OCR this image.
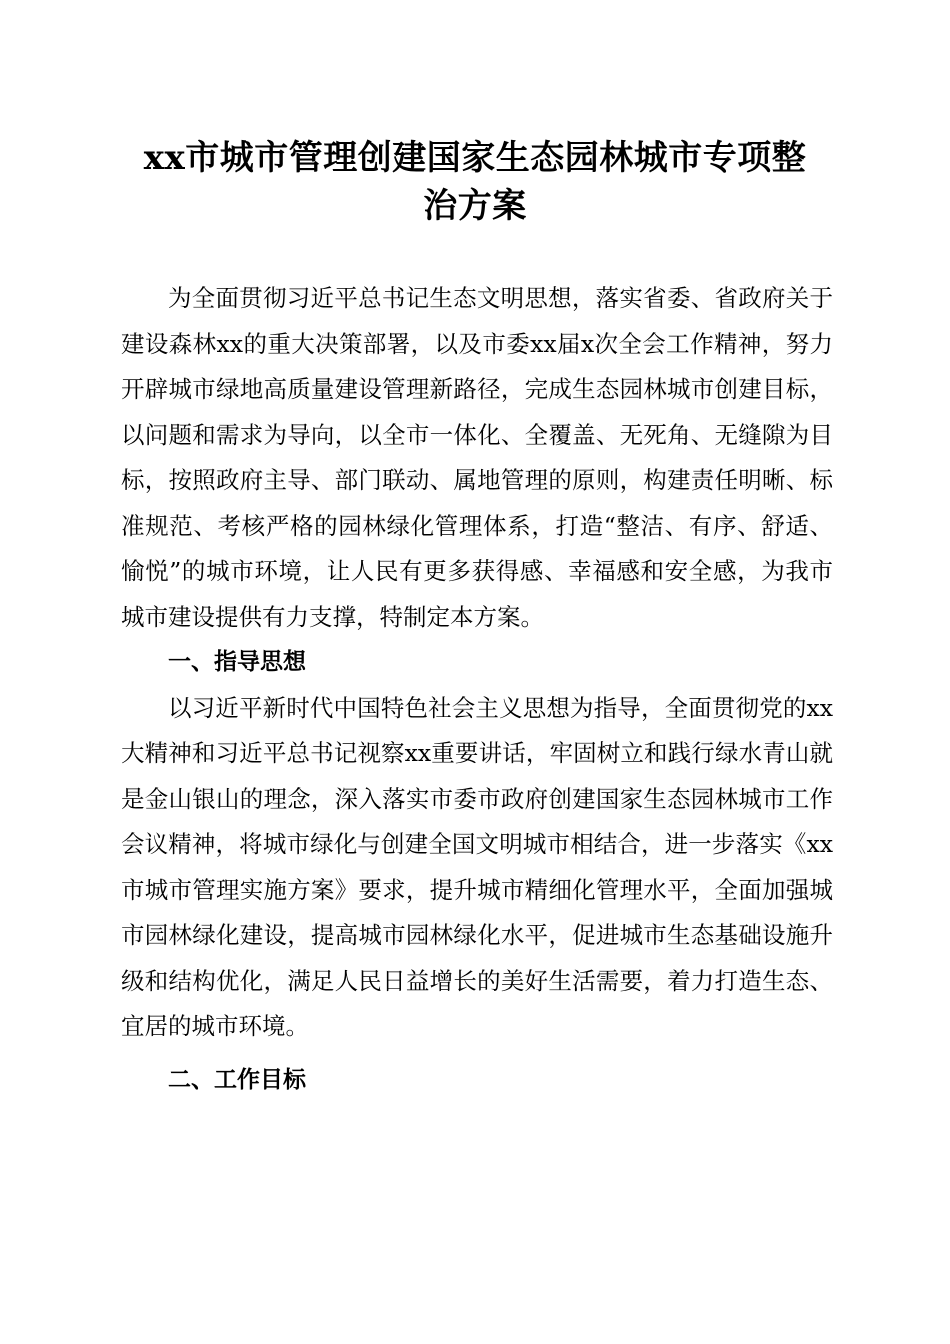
xx市城市管理创建国家生态园林城市专项整
治方案

为全面贯彻习近平总书记生态文明思想，落实省委、省政府关于建设森林xx的重大决策部署，以及市委xx届x次全会工作精神，努力开辟城市绿地高质量建设管理新路径，完成生态园林城市创建目标，以问题和需求为导向，以全市一体化、全覆盖、无死角、无缝隙为目标，按照政府主导、部门联动、属地管理的原则，构建责任明晰、标准规范、考核严格的园林绿化管理体系，打造“整洁、有序、舒适、愉悦”的城市环境，让人民有更多获得感、幸福感和安全感，为我市城市建设提供有力支撑，特制定本方案。

一、指导思想

以习近平新时代中国特色社会主义思想为指导，全面贯彻党的xx大精神和习近平总书记视察xx重要讲话，牢固树立和践行绿水青山就是金山银山的理念，深入落实市委市政府创建国家生态园林城市工作会议精神，将城市绿化与创建全国文明城市相结合，进一步落实《xx市城市管理实施方案》要求，提升城市精细化管理水平，全面加强城市园林绿化建设，提高城市园林绿化水平，促进城市生态基础设施升级和结构优化，满足人民日益增长的美好生活需要，着力打造生态、宜居的城市环境。

二、工作目标
